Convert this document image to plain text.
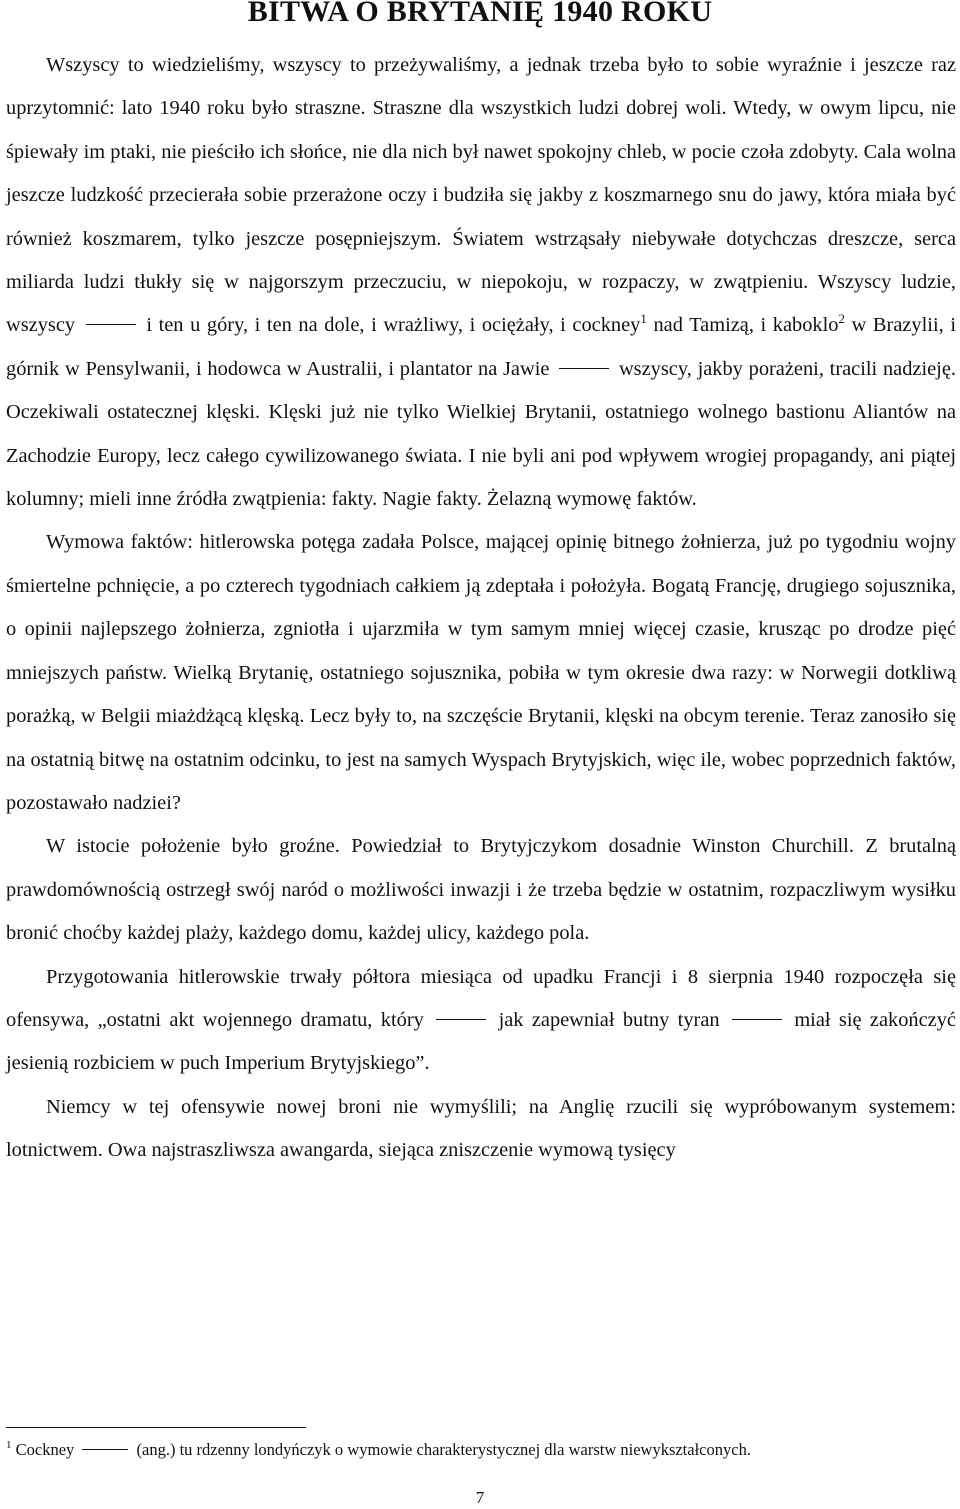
BITWA O BRYTANIĘ 1940 ROKU

Wszyscy to wiedzieliśmy, wszyscy to przeżywaliśmy, a jednak trzeba było to sobie wyraźnie i jeszcze raz uprzytomnić: lato 1940 roku było straszne. Straszne dla wszystkich ludzi dobrej woli. Wtedy, w owym lipcu, nie śpiewały im ptaki, nie pieściło ich słońce, nie dla nich był nawet spokojny chleb, w pocie czoła zdobyty. Cala wolna jeszcze ludzkość przecierała sobie przerażone oczy i budziła się jakby z koszmarnego snu do jawy, która miała być również koszmarem, tylko jeszcze posępniejszym. Światem wstrząsały niebywałe dotychczas dreszcze, serca miliarda ludzi tłukły się w najgorszym przeczuciu, w niepokoju, w rozpaczy, w zwątpieniu. Wszyscy ludzie, wszyscy	i ten u góry, i ten na dole, i wrażliwy, i ociężały, i cockney$^1$ nad Tamizą, i kaboklo$^2$ w Brazylii, i górnik w Pensylwanii, i hodowca w Australii, i plantator na Jawie	wszyscy, jakby porażeni, tracili nadzieję. Oczekiwali ostatecznej klęski. Klęski już nie tylko Wielkiej Brytanii, ostatniego wolnego bastionu Aliantów na Zachodzie Europy, lecz całego cywilizowanego świata. I nie byli ani pod wpływem wrogiej propagandy, ani piątej kolumny; mieli inne źródła zwątpienia: fakty. Nagie fakty. Żelazną wymowę faktów.

Wymowa faktów: hitlerowska potęga zadała Polsce, mającej opinię bitnego żołnierza, już po tygodniu wojny śmiertelne pchnięcie, a po czterech tygodniach całkiem ją zdeptała i położyła. Bogatą Francję, drugiego sojusznika, o opinii najlepszego żołnierza, zgniotła i ujarzmiła w tym samym mniej więcej czasie, krusząc po drodze pięć mniejszych państw. Wielką Brytanię, ostatniego sojusznika, pobiła w tym okresie dwa razy: w Norwegii dotkliwą porażką, w Belgii miażdżącą klęską. Lecz były to, na szczęście Brytanii, klęski na obcym terenie. Teraz zanosiło się na ostatnią bitwę na ostatnim odcinku, to jest na samych Wyspach Brytyjskich, więc ile, wobec poprzednich faktów, pozostawało nadziei?

W istocie położenie było groźne. Powiedział to Brytyjczykom dosadnie Winston Churchill. Z brutalną prawdomównością ostrzegł swój naród o możliwości inwazji i że trzeba będzie w ostatnim, rozpaczliwym wysiłku bronić choćby każdej plaży, każdego domu, każdej ulicy, każdego pola.

Przygotowania hitlerowskie trwały półtora miesiąca od upadku Francji i 8 sierpnia 1940 rozpoczęła się ofensywa, „ostatni akt wojennego dramatu, który	jak zapewniał butny tyran	miał się zakończyć jesienią rozbiciem w puch Imperium Brytyjskiego”.

Niemcy w tej ofensywie nowej broni nie wymyślili; na Anglię rzucili się wypróbowanym systemem: lotnictwem. Owa najstraszliwsza awangarda, siejąca zniszczenie wymową tysięcy

$^1$ Cockney	(ang.) tu rdzenny londyńczyk o wymowie charakterystycznej dla warstw niewykształconych.

7
